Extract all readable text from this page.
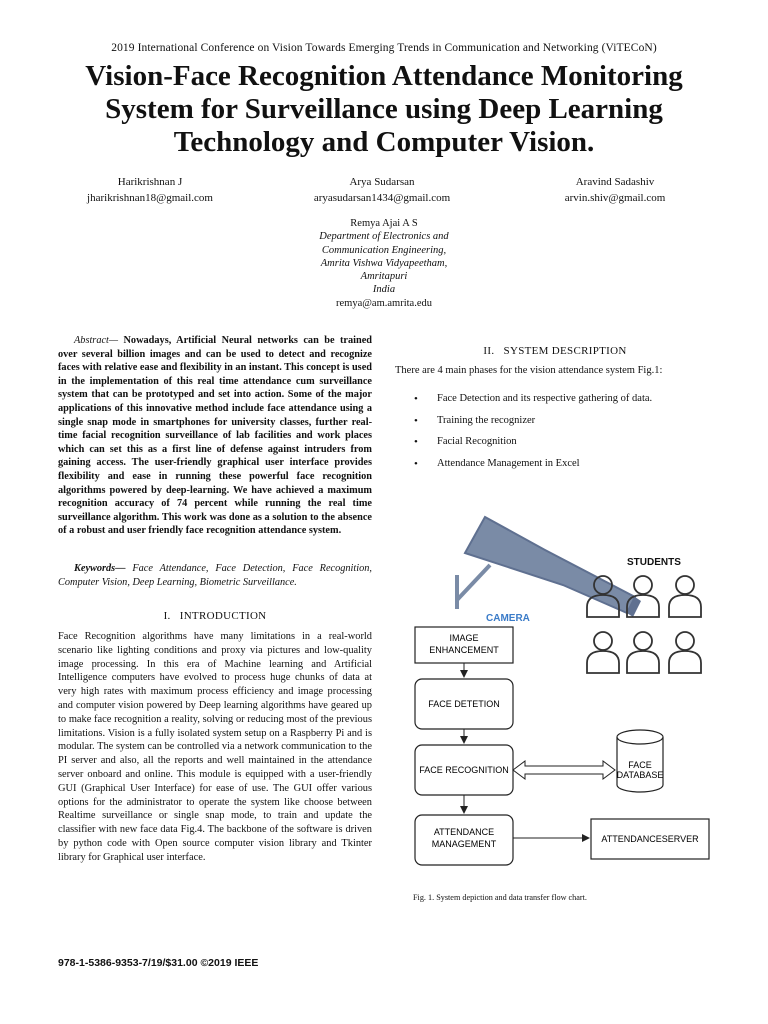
2019 International Conference on Vision Towards Emerging Trends in Communication and Networking (ViTECoN)
Vision-Face Recognition Attendance Monitoring
System for Surveillance using Deep Learning
Technology and Computer Vision.
Harikrishnan J
jharikrishnan18@gmail.com
Arya Sudarsan
aryasudarsan1434@gmail.com
Aravind Sadashiv
arvin.shiv@gmail.com
Remya Ajai A S
Department of Electronics and
Communication Engineering,
Amrita Vishwa Vidyapeetham,
Amritapuri
India
remya@am.amrita.edu
Abstract— Nowadays, Artificial Neural networks can be trained over several billion images and can be used to detect and recognize faces with relative ease and flexibility in an instant. This concept is used in the implementation of this real time attendance cum surveillance system that can be prototyped and set into action. Some of the major applications of this innovative method include face attendance using a single snap mode in smartphones for university classes, further real-time facial recognition surveillance of lab facilities and work places which can set this as a first line of defense against intruders from gaining access. The user-friendly graphical user interface provides flexibility and ease in running these powerful face recognition algorithms powered by deep-learning. We have achieved a maximum recognition accuracy of 74 percent while running the real time surveillance algorithm. This work was done as a solution to the absence of a robust and user friendly face recognition attendance system.
Keywords— Face Attendance, Face Detection, Face Recognition, Computer Vision, Deep Learning, Biometric Surveillance.
I.   INTRODUCTION
Face Recognition algorithms have many limitations in a real-world scenario like lighting conditions and proxy via pictures and low-quality image processing. In this era of Machine learning and Artificial Intelligence computers have evolved to process huge chunks of data at very high rates with maximum process efficiency and image processing and computer vision powered by Deep learning algorithms have geared up to make face recognition a reality, solving or reducing most of the previous limitations. Vision is a fully isolated system setup on a Raspberry Pi and is modular. The system can be controlled via a network communication to the PI server and also, all the reports and well maintained in the attendance server onboard and online. This module is equipped with a user-friendly GUI (Graphical User Interface) for ease of use. The GUI offer various options for the administrator to operate the system like choose between Realtime surveillance or single snap mode, to train and update the classifier with new face data Fig.4. The backbone of the software is driven by python code with Open source computer vision library and Tkinter library for Graphical user interface.
II.   SYSTEM DESCRIPTION
There are 4 main phases for the vision attendance system Fig.1:
• Face Detection and its respective gathering of data.
• Training the recognizer
• Facial Recognition
• Attendance Management in Excel
CAMERA
STUDENTS
IMAGE
ENHANCEMENT
FACE DETETION
FACE RECOGNITION	FACE
DATABASE
ATTENDANCE
MANAGEMENT	ATTENDANCESERVER
Fig. 1. System depiction and data transfer flow chart.
978-1-5386-9353-7/19/$31.00 ©2019 IEEE
